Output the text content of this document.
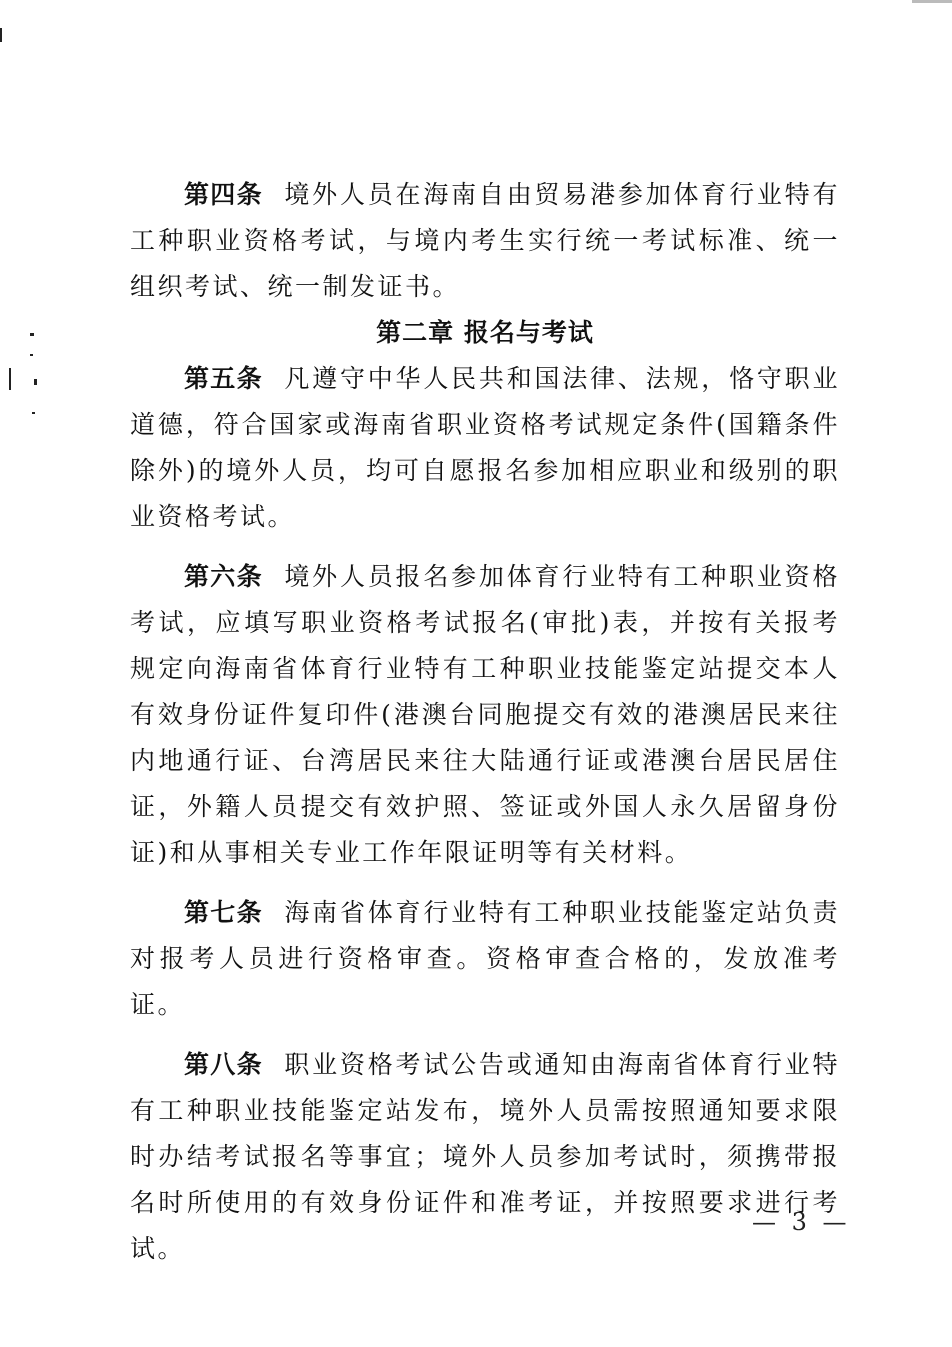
第四条 境外人员在海南自由贸易港参加体育行业特有工种职业资格考试，与境内考生实行统一考试标准、统一组织考试、统一制发证书。

第二章 报名与考试

第五条 凡遵守中华人民共和国法律、法规，恪守职业道德，符合国家或海南省职业资格考试规定条件(国籍条件除外)的境外人员，均可自愿报名参加相应职业和级别的职业资格考试。

第六条 境外人员报名参加体育行业特有工种职业资格考试，应填写职业资格考试报名(审批)表，并按有关报考规定向海南省体育行业特有工种职业技能鉴定站提交本人有效身份证件复印件(港澳台同胞提交有效的港澳居民来往内地通行证、台湾居民来往大陆通行证或港澳台居民居住证，外籍人员提交有效护照、签证或外国人永久居留身份证)和从事相关专业工作年限证明等有关材料。

第七条 海南省体育行业特有工种职业技能鉴定站负责对报考人员进行资格审查。资格审查合格的，发放准考证。

第八条 职业资格考试公告或通知由海南省体育行业特有工种职业技能鉴定站发布，境外人员需按照通知要求限时办结考试报名等事宜；境外人员参加考试时，须携带报名时所使用的有效身份证件和准考证，并按照要求进行考试。

— 3 —
